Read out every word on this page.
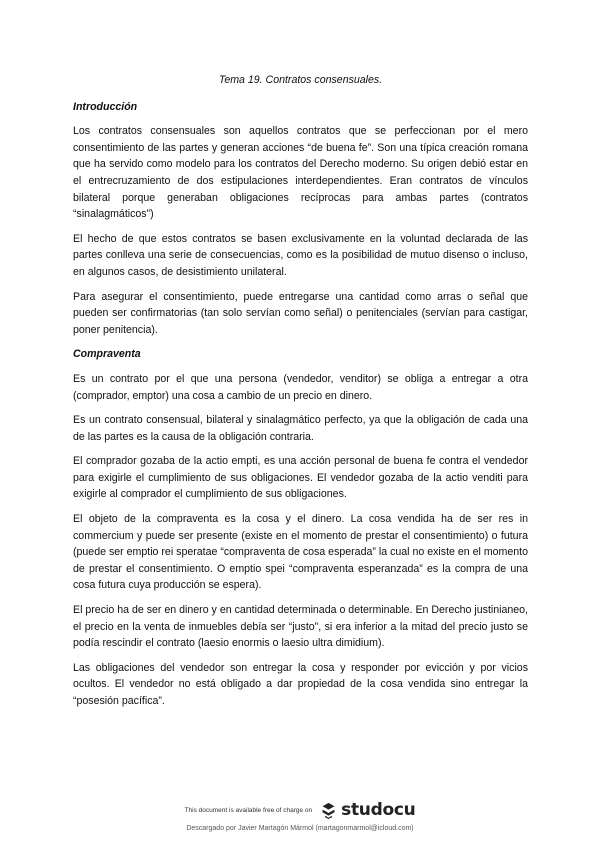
Tema 19. Contratos consensuales.
Introducción

Los contratos consensuales son aquellos contratos que se perfeccionan por el mero consentimiento de las partes y generan acciones “de buena fe”. Son una típica creación romana que ha servido como modelo para los contratos del Derecho moderno. Su origen debió estar en el entrecruzamiento de dos estipulaciones interdependientes. Eran contratos de vínculos bilateral porque generaban obligaciones recíprocas para ambas partes (contratos “sinalagmáticos”)

El hecho de que estos contratos se basen exclusivamente en la voluntad declarada de las partes conlleva una serie de consecuencias, como es la posibilidad de mutuo disenso o incluso, en algunos casos, de desistimiento unilateral.

Para asegurar el consentimiento, puede entregarse una cantidad como arras o señal que pueden ser confirmatorias (tan solo servían como señal) o penitenciales (servían para castigar, poner penitencia).

Compraventa

Es un contrato por el que una persona (vendedor, venditor) se obliga a entregar a otra (comprador, emptor) una cosa a cambio de un precio en dinero.

Es un contrato consensual, bilateral y sinalagmático perfecto, ya que la obligación de cada una de las partes es la causa de la obligación contraria.

El comprador gozaba de la actio empti, es una acción personal de buena fe contra el vendedor para exigirle el cumplimiento de sus obligaciones. El vendedor gozaba de la actio venditi para exigirle al comprador el cumplimiento de sus obligaciones.

El objeto de la compraventa es la cosa y el dinero. La cosa vendida ha de ser res in commercium y puede ser presente (existe en el momento de prestar el consentimiento) o futura (puede ser emptio rei speratae “compraventa de cosa esperada” la cual no existe en el momento de prestar el consentimiento. O emptio spei “compraventa esperanzada” es la compra de una cosa futura cuya producción se espera).

El precio ha de ser en dinero y en cantidad determinada o determinable. En Derecho justinianeo, el precio en la venta de inmuebles debía ser “justo”, si era inferior a la mitad del precio justo se podía rescindir el contrato (laesio enormis o laesio ultra dimidium).

Las obligaciones del vendedor son entregar la cosa y responder por evicción y por vicios ocultos. El vendedor no está obligado a dar propiedad de la cosa vendida sino entregar la “posesión pacífica”.

This document is available free of charge on studocu
Descargado por Javier Martagón Mármol (martagonmarmol@icloud.com)
